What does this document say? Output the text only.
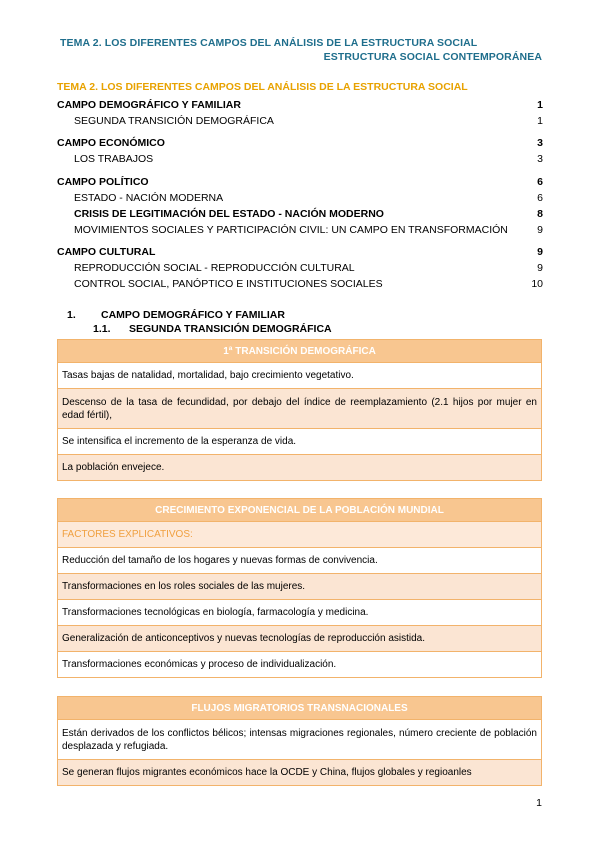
TEMA 2. LOS DIFERENTES CAMPOS DEL ANÁLISIS DE LA ESTRUCTURA SOCIAL
ESTRUCTURA SOCIAL CONTEMPORÁNEA
TEMA 2. LOS DIFERENTES CAMPOS DEL ANÁLISIS DE LA ESTRUCTURA SOCIAL
CAMPO DEMOGRÁFICO Y FAMILIAR	1
SEGUNDA TRANSICIÓN DEMOGRÁFICA	1
CAMPO ECONÓMICO	3
LOS TRABAJOS	3
CAMPO POLÍTICO	6
ESTADO - NACIÓN MODERNA	6
CRISIS DE LEGITIMACIÓN DEL ESTADO - NACIÓN MODERNO	8
MOVIMIENTOS SOCIALES Y PARTICIPACIÓN CIVIL: UN CAMPO EN TRANSFORMACIÓN	9
CAMPO CULTURAL	9
REPRODUCCIÓN SOCIAL - REPRODUCCIÓN CULTURAL	9
CONTROL SOCIAL, PANÓPTICO E INSTITUCIONES SOCIALES	10
1. CAMPO DEMOGRÁFICO Y FAMILIAR
1.1. SEGUNDA TRANSICIÓN DEMOGRÁFICA
1ª TRANSICIÓN DEMOGRÁFICA
Tasas bajas de natalidad, mortalidad, bajo crecimiento vegetativo.
Descenso de la tasa de fecundidad, por debajo del índice de reemplazamiento (2.1 hijos por mujer en edad fértil),
Se intensifica el incremento de la esperanza de vida.
La población envejece.
CRECIMIENTO EXPONENCIAL DE LA POBLACIÓN MUNDIAL
FACTORES EXPLICATIVOS:
Reducción del tamaño de los hogares y nuevas formas de convivencia.
Transformaciones en los roles sociales de las mujeres.
Transformaciones tecnológicas en biología, farmacología y medicina.
Generalización de anticonceptivos y nuevas tecnologías de reproducción asistida.
Transformaciones económicas y proceso de individualización.
FLUJOS MIGRATORIOS TRANSNACIONALES
Están derivados de los conflictos bélicos; intensas migraciones regionales, número creciente de población desplazada y refugiada.
Se generan flujos migrantes económicos hace la OCDE y China, flujos globales y regioanles
1
